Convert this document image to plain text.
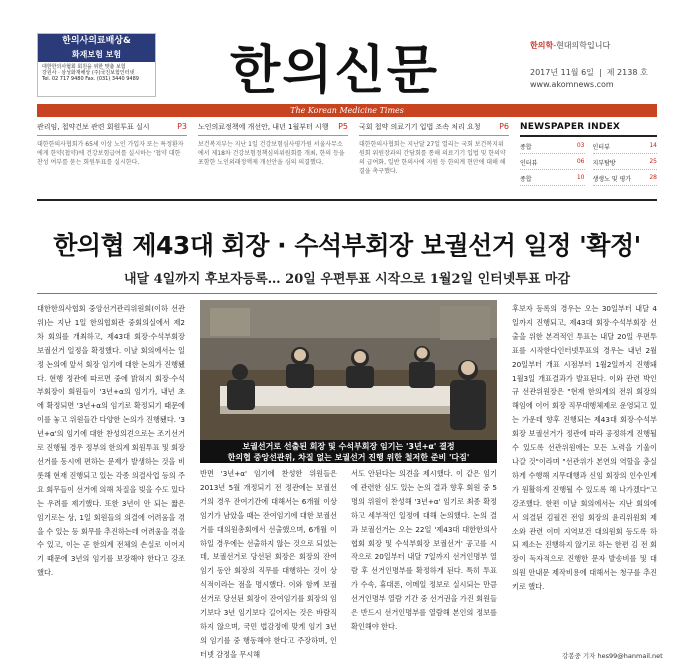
한의사의료배상&
화재보험 보험
대한한의사협회 회원을 위한 맞춤 보험
강원사 · 삼성화재해상 (주)국진보험인터넷
Tel. 02 717 9480 Fax. (031) 3440 9489 한의신문	한의학-현대의학입니다
2017년 11월 6일  |  제 2138 호
www.akomnews.com
The Korean Medicine Times
관리임, 첩약건보 관련 회원투표 실시	P3
대한한의사협회가 65세 이상 노인 가입자 또는 특정환자에게 한약(첩약)에 건강보험급여를 실시하는 '첩약 대한 찬성 여부를 묻는 회원투표를 실시한다.
노인의료정책에 개선안, 내년 1월부터 시행 P5
보건복지부는 지난 1일 건강보험심사평가원 서울사무소에서 제18차 건강보험정책심의위원회를 개최, 한의 등을 포함한 노인외래정액제 개선안을 심의 의결했다.
국회 첩약 의료기기 입법 조속 처리 요청 P6
대한한의사협회는 지난달 27일 열리는 국회 보건복지위원회 위원장과의 간담회를 통해 의료기기 입법 및 한의약의 급여화, 일반 한의사에 지원 등 한의계 현안에 대해 해결을 촉구했다.
NEWSPAPER INDEX
종합	03 인터뷰	14
인터뷰	06 지부탐방	25
종합	10 생생노 및 평가	28
한의협 제43대 회장 · 수석부회장 보궐선거 일정 '확정'
내달 4일까지 후보자등록… 20일 우편투표 시작으로 1월2일 인터넷투표 마감
보궐선거로 선출된 회장 및 수석부회장 임기는 '3년+α' 결정
한의협 중앙선관위, 차질 없는 보궐선거 진행 위한 철저한 준비 '다짐'

대한한의사협회 중앙선거관리위원회(이하 선관위)는 지난 1일 한의협회관 중회의실에서 제2차 회의를 개최하고, 제43대 회장·수석부회장 보궐선거 일정을 확정했다. 이날 회의에서는 일정 논의에 앞서 회장 임기에 대한 논의가 진행됐다. 현행 정관에 따르면 중에 밝혀지 회장·수석부회장이 회원들이 '3년+α의 임기가, 내년 초에 확정되면 '3년+α의 임기로 확정되기 때문에 이를 놓고 위원들간 다양한 논의가 진행됐다. '3년+α'의 임기에 대한 찬성의견으로는 조기선거로 진행될 경우 정부의 한의계 회원투표 및 회장 선거를 동시에 편하는 문제가 발생하는 것을 비롯해 현재 진행되고 있는 각종 의결사업 등의 주요 회무들이 선거에 의해 차질을 빚을 수도 있다는 우려를 제기했다. 또한 3년이 안 되는 짧은 임기로는 상, 1일 회원들의 의결에 어려움을 겪을 수 있는 등 회무를 추진하는데 어려움을 겪을 수 있고, 이는 곧 한의계 전체의 손실로 이어지기 때문에 3년의 임기를 보장해야 한다고 강조했다.

반면 '3년+α' 임기에 찬성한 위원들은 2013년 5월 개정되기 전 정관에는 보궐선거의 경우 잔여기간에 대해서는 6개월 이상 임기가 남았을 때는 잔여임기에 대한 보궐선거를 대의원총회에서 선출했으며, 6개월 이하일 경우에는 선출하지 않는 것으로 되었는데, 보궐선거로 당선된 회장은 회장의 잔여 임기 동안 회장의 직무를 대행하는 것이 상식적이라는 점을 명시했다. 이와 함께 보궐선거로 당선된 회장이 잔여임기를 회장의 임기보다 3년 임기보다 길어지는 것은 바람직하지 않으며, 국민 법감정에 맞게 임기 3년의 임기를 중 행동해야 한다고 주장하며, 인터넷 감정을 무시해

서도 안된다는 의견을 제시했다. 이 같은 임기에 관련한 심도 있는 논의 결과 향후 회원 중 5명의 위원이 찬성해 '3년+α' 임기로 최종 확정하고 세부적인 일정에 대해 논의했다. 논의 결과 보궐선거는 오는 22일 '제43대 대한한의사협회 회장 및 수석부회장 보궐선거' 공고를 시작으로 20일부터 내달 7일까지 선거인명부 열람 후 선거인명부를 확정하게 된다. 특히 투표가 수속, 휴대폰, 이메일 정보로 실시되는 만큼 선거인명부 열람 기간 중 선거권을 가진 회원들은 반드시 선거인명부를 열람해 본인의 정보를 확인해야 한다.

후보자 등록의 경우는 오는 30일부터 내달 4일까지 진행되고, 제43대 회장·수석부회장 선출을 위한 본격적인 투표는 내달 20일 우편투표를 시작한다인터넷투표의 경우는 내년 2월20일부터 개표 시점부터 1월2일까지 진행돼 1월3일 개표결과가 발표된다. 이와 관련 박인규 선관위원장은 "현재 한의계의 전위 회장의 해임에 이어 회장 직무대행체제로 운영되고 있는 가운데 향후 진행되는 제43대 회장·수석부회장 보궐선거가 정관에 따라 공정하게 진행될 수 있도록 선관위원에는 모든 노력을 기울이 나갈 것"이라며 "선관위가 본연의 역할을 충실하게 수행해 지무대행과 신임 회장의 인수인계가 원활하게 진행될 수 있도록 해 나가겠다"고 강조했다. 한편 이날 회의에서는 지난 회의에서 의결된 김필건 전임 회장의 윤리위원회 제소와 관련 이미 지역보건 대의원회 등도록 하되 제소는 진행하지 않기로 하는 한편 김 전 회장이 독자적으로 진행한 문자 발송비를 및 대의원 안내문 제작비용에 대해서는 청구를 추진키로 했다.

강봉중 기자 hes99@hanmail.net
